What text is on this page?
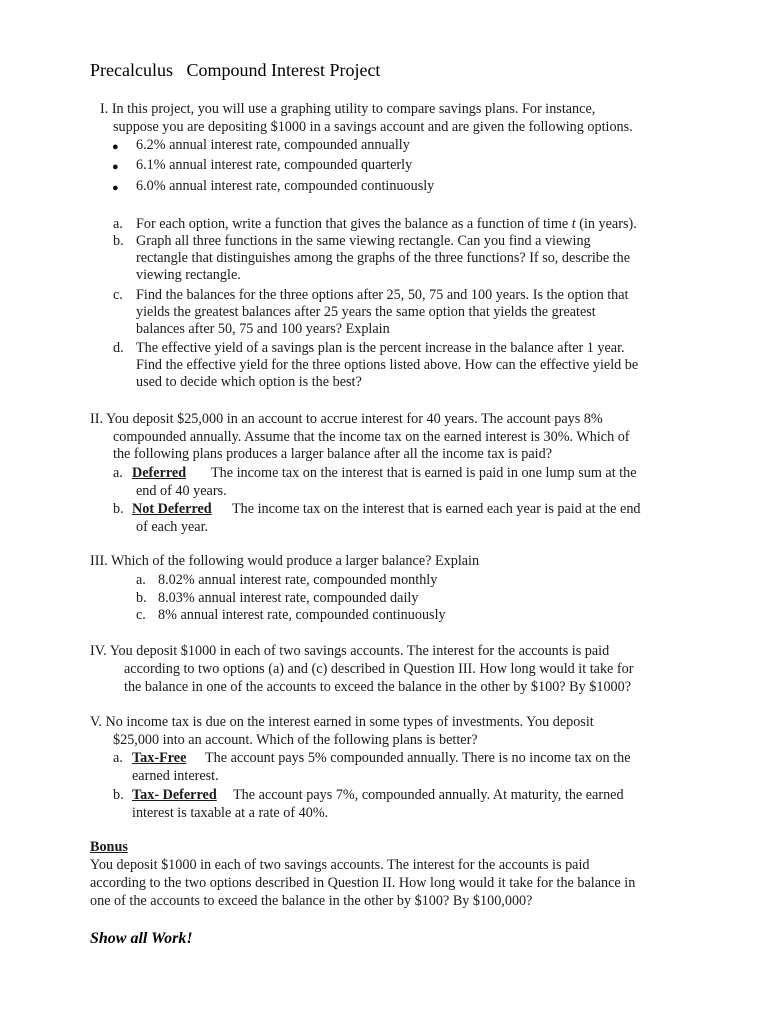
Precalculus   Compound Interest Project
I. In this project, you will use a graphing utility to compare savings plans. For instance,
suppose you are depositing $1000 in a savings account and are given the following options.
●
6.2% annual interest rate, compounded annually
●
6.1% annual interest rate, compounded quarterly
●
6.0% annual interest rate, compounded continuously
a. For each option, write a function that gives the balance as a function of time t (in years).
b. Graph all three functions in the same viewing rectangle. Can you find a viewing
rectangle that distinguishes among the graphs of the three functions? If so, describe the
viewing rectangle.
c. Find the balances for the three options after 25, 50, 75 and 100 years. Is the option that
yields the greatest balances after 25 years the same option that yields the greatest
balances after 50, 75 and 100 years? Explain
d. The effective yield of a savings plan is the percent increase in the balance after 1 year.
Find the effective yield for the three options listed above. How can the effective yield be
used to decide which option is the best?
II. You deposit $25,000 in an account to accrue interest for 40 years. The account pays 8%
compounded annually. Assume that the income tax on the earned interest is 30%. Which of
the following plans produces a larger balance after all the income tax is paid?
a. Deferred The income tax on the interest that is earned is paid in one lump sum at the
end of 40 years.
b. Not Deferred The income tax on the interest that is earned each year is paid at the end
of each year.
III. Which of the following would produce a larger balance? Explain
a. 8.02% annual interest rate, compounded monthly
b. 8.03% annual interest rate, compounded daily
c. 8% annual interest rate, compounded continuously
IV. You deposit $1000 in each of two savings accounts. The interest for the accounts is paid
according to two options (a) and (c) described in Question III. How long would it take for
the balance in one of the accounts to exceed the balance in the other by $100? By $1000?
V. No income tax is due on the interest earned in some types of investments. You deposit
$25,000 into an account. Which of the following plans is better?
a. Tax-Free The account pays 5% compounded annually. There is no income tax on the
earned interest.
b. Tax- Deferred The account pays 7%, compounded annually. At maturity, the earned
interest is taxable at a rate of 40%.
Bonus
You deposit $1000 in each of two savings accounts. The interest for the accounts is paid
according to the two options described in Question II. How long would it take for the balance in
one of the accounts to exceed the balance in the other by $100? By $100,000?
Show all Work!
